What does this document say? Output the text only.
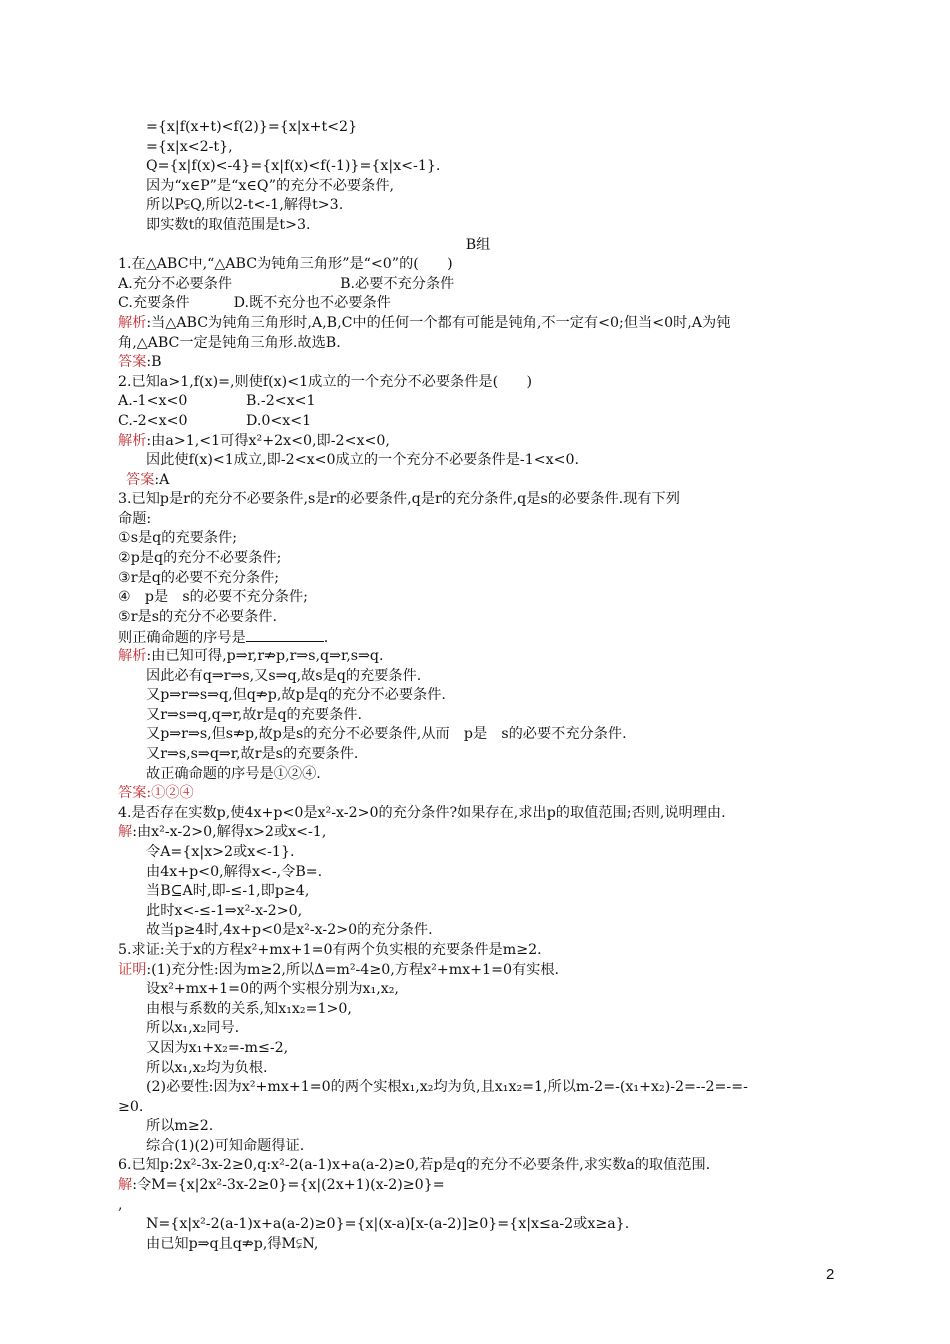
={x|f(x+t)<f(2)}={x|x+t<2}
={x|x<2-t},
Q={x|f(x)<-4}={x|f(x)<f(-1)}={x|x<-1}.
因为“x∈P”是“x∈Q”的充分不必要条件,
所以P⫋Q,所以2-t<-1,解得t>3.
即实数t的取值范围是t>3.
B组
1.在△ABC中,“△ABC为钝角三角形”是“<0”的(　　)
A.充分不必要条件	B.必要不充分条件
C.充要条件	D.既不充分也不必要条件
解析:当△ABC为钝角三角形时,A,B,C中的任何一个都有可能是钝角,不一定有<0;但当<0时,A为钝
角,△ABC一定是钝角三角形.故选B.
答案:B
2.已知a>1,f(x)=,则使f(x)<1成立的一个充分不必要条件是(　　)
A.-1<x<0	B.-2<x<1
C.-2<x<0	D.0<x<1
解析:由a>1,<1可得x²+2x<0,即-2<x<0,
因此使f(x)<1成立,即-2<x<0成立的一个充分不必要条件是-1<x<0.
答案:A
3.已知p是r的充分不必要条件,s是r的必要条件,q是r的充分条件,q是s的必要条件.现有下列
命题:
①s是q的充要条件;
②p是q的充分不必要条件;
③r是q的必要不充分条件;
④　p是　s的必要不充分条件;
⑤r是s的充分不必要条件.
则正确命题的序号是	.
解析:由已知可得,p⇒r,r⇏p,r⇒s,q⇒r,s⇒q.
因此必有q⇒r⇒s,又s⇒q,故s是q的充要条件.
又p⇒r⇒s⇒q,但q⇏p,故p是q的充分不必要条件.
又r⇒s⇒q,q⇒r,故r是q的充要条件.
又p⇒r⇒s,但s⇏p,故p是s的充分不必要条件,从而　p是　s的必要不充分条件.
又r⇒s,s⇒q⇒r,故r是s的充要条件.
故正确命题的序号是①②④.
答案:①②④
4.是否存在实数p,使4x+p<0是x²-x-2>0的充分条件?如果存在,求出p的取值范围;否则,说明理由.
解:由x²-x-2>0,解得x>2或x<-1,
令A={x|x>2或x<-1}.
由4x+p<0,解得x<-,令B=.
当B⊆A时,即-≤-1,即p≥4,
此时x<-≤-1⇒x²-x-2>0,
故当p≥4时,4x+p<0是x²-x-2>0的充分条件.
5.求证:关于x的方程x²+mx+1=0有两个负实根的充要条件是m≥2.
证明:(1)充分性:因为m≥2,所以Δ=m²-4≥0,方程x²+mx+1=0有实根.
设x²+mx+1=0的两个实根分别为x₁,x₂,
由根与系数的关系,知x₁x₂=1>0,
所以x₁,x₂同号.
又因为x₁+x₂=-m≤-2,
所以x₁,x₂均为负根.
(2)必要性:因为x²+mx+1=0的两个实根x₁,x₂均为负,且x₁x₂=1,所以m-2=-(x₁+x₂)-2=--2=-=-
≥0.
所以m≥2.
综合(1)(2)可知命题得证.
6.已知p:2x²-3x-2≥0,q:x²-2(a-1)x+a(a-2)≥0,若p是q的充分不必要条件,求实数a的取值范围.
解:令M={x|2x²-3x-2≥0}={x|(2x+1)(x-2)≥0}=
,
N={x|x²-2(a-1)x+a(a-2)≥0}={x|(x-a)[x-(a-2)]≥0}={x|x≤a-2或x≥a}.
由已知p⇒q且q⇏p,得M⫋N,
2
